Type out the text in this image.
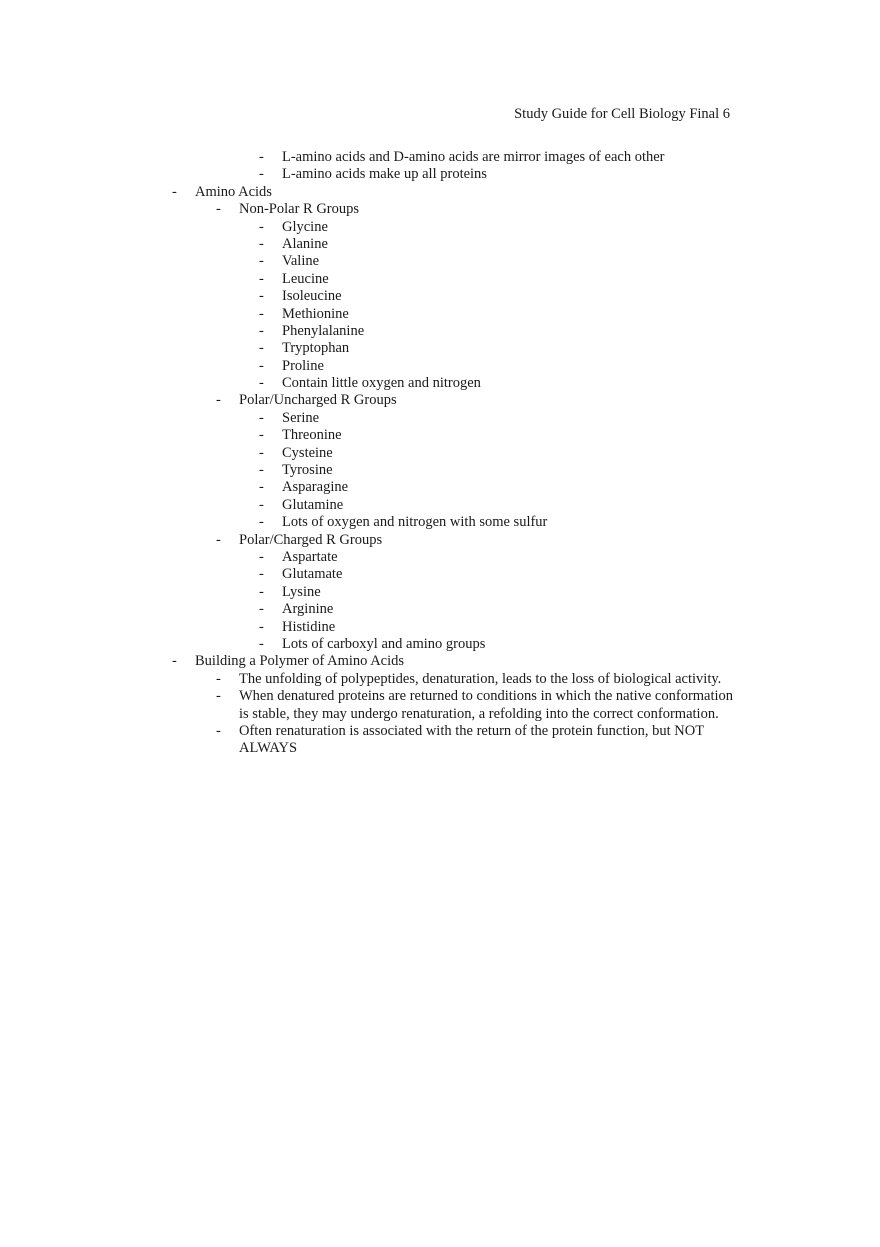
Study Guide for Cell Biology Final 6
- L-amino acids and D-amino acids are mirror images of each other
- L-amino acids make up all proteins
- Amino Acids
- Non-Polar R Groups
- Glycine
- Alanine
- Valine
- Leucine
- Isoleucine
- Methionine
- Phenylalanine
- Tryptophan
- Proline
- Contain little oxygen and nitrogen
- Polar/Uncharged R Groups
- Serine
- Threonine
- Cysteine
- Tyrosine
- Asparagine
- Glutamine
- Lots of oxygen and nitrogen with some sulfur
- Polar/Charged R Groups
- Aspartate
- Glutamate
- Lysine
- Arginine
- Histidine
- Lots of carboxyl and amino groups
- Building a Polymer of Amino Acids
- The unfolding of polypeptides, denaturation, leads to the loss of biological activity.
- When denatured proteins are returned to conditions in which the native conformation is stable, they may undergo renaturation, a refolding into the correct conformation.
- Often renaturation is associated with the return of the protein function, but NOT ALWAYS
